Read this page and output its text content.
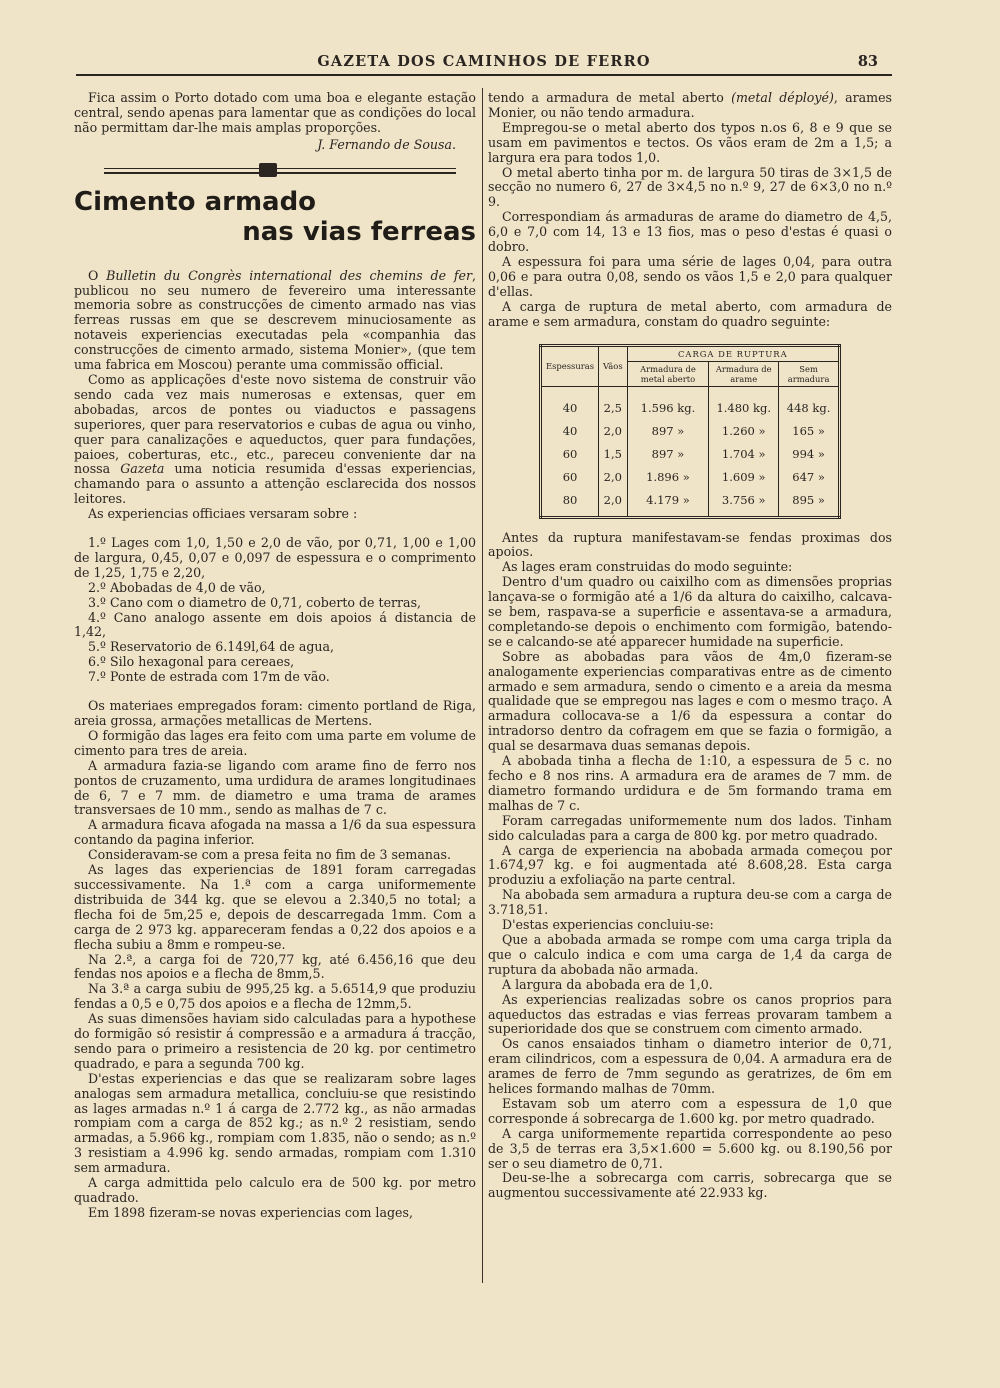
GAZETA DOS CAMINHOS DE FERRO	83

Fica assim o Porto dotado com uma boa e elegante estação central, sendo apenas para lamentar que as condições do local não permittam dar-lhe mais amplas proporções.

J. Fernando de Sousa.
Cimento armado
nas vias ferreas

O Bulletin du Congrès international des chemins de fer, publicou no seu numero de fevereiro uma interessante memoria sobre as construcções de cimento armado nas vias ferreas russas em que se descrevem minuciosamente as notaveis experiencias executadas pela «companhia das construcções de cimento armado, sistema Monier», (que tem uma fabrica em Moscou) perante uma commissão official.

Como as applicações d'este novo sistema de construir vão sendo cada vez mais numerosas e extensas, quer em abobadas, arcos de pontes ou viaductos e passagens superiores, quer para reservatorios e cubas de agua ou vinho, quer para canalizações e aqueductos, quer para fundações, paioes, coberturas, etc., etc., pareceu conveniente dar na nossa Gazeta uma noticia resumida d'essas experiencias, chamando para o assunto a attenção esclarecida dos nossos leitores.

As experiencias officiaes versaram sobre :

1.º Lages com 1,0, 1,50 e 2,0 de vão, por 0,71, 1,00 e 1,00 de largura, 0,45, 0,07 e 0,097 de espessura e o comprimento de 1,25, 1,75 e 2,20,

2.º Abobadas de 4,0 de vão,

3.º Cano com o diametro de 0,71, coberto de terras,

4.º Cano analogo assente em dois apoios á distancia de 1,42,

5.º Reservatorio de 6.149l,64 de agua,

6.º Silo hexagonal para cereaes,

7.º Ponte de estrada com 17m de vão.

Os materiaes empregados foram: cimento portland de Riga, areia grossa, armações metallicas de Mertens.

O formigão das lages era feito com uma parte em volume de cimento para tres de areia.

A armadura fazia-se ligando com arame fino de ferro nos pontos de cruzamento, uma urdidura de arames longitudinaes de 6, 7 e 7 mm. de diametro e uma trama de arames transversaes de 10 mm., sendo as malhas de 7 c.

A armadura ficava afogada na massa a 1/6 da sua espessura contando da pagina inferior.

Consideravam-se com a presa feita no fim de 3 semanas.

As lages das experiencias de 1891 foram carregadas successivamente. Na 1.ª com a carga uniformemente distribuida de 344 kg. que se elevou a 2.340,5 no total; a flecha foi de 5m,25 e, depois de descarregada 1mm. Com a carga de 2 973 kg. appareceram fendas a 0,22 dos apoios e a flecha subiu a 8mm e rompeu-se.

Na 2.ª, a carga foi de 720,77 kg, até 6.456,16 que deu fendas nos apoios e a flecha de 8mm,5.

Na 3.ª a carga subiu de 995,25 kg. a 5.6514,9 que produziu fendas a 0,5 e 0,75 dos apoios e a flecha de 12mm,5.

As suas dimensões haviam sido calculadas para a hypothese do formigão só resistir á compressão e a armadura á tracção, sendo para o primeiro a resistencia de 20 kg. por centimetro quadrado, e para a segunda 700 kg.

D'estas experiencias e das que se realizaram sobre lages analogas sem armadura metallica, concluiu-se que resistindo as lages armadas n.º 1 á carga de 2.772 kg., as não armadas rompiam com a carga de 852 kg.; as n.º 2 resistiam, sendo armadas, a 5.966 kg., rompiam com 1.835, não o sendo; as n.º 3 resistiam a 4.996 kg. sendo armadas, rompiam com 1.310 sem armadura.

A carga admittida pelo calculo era de 500 kg. por metro quadrado.

Em 1898 fizeram-se novas experiencias com lages,

tendo a armadura de metal aberto (metal déployé), arames Monier, ou não tendo armadura.

Empregou-se o metal aberto dos typos n.os 6, 8 e 9 que se usam em pavimentos e tectos. Os vãos eram de 2m a 1,5; a largura era para todos 1,0.

O metal aberto tinha por m. de largura 50 tiras de 3×1,5 de secção no numero 6, 27 de 3×4,5 no n.º 9, 27 de 6×3,0 no n.º 9.

Correspondiam ás armaduras de arame do diametro de 4,5, 6,0 e 7,0 com 14, 13 e 13 fios, mas o peso d'estas é quasi o dobro.

A espessura foi para uma série de lages 0,04, para outra 0,06 e para outra 0,08, sendo os vãos 1,5 e 2,0 para qualquer d'ellas.

A carga de ruptura de metal aberto, com armadura de arame e sem armadura, constam do quadro seguinte:

Espessuras	Vãos	CARGA DE RUPTURA		
		Armadura de metal aberto	Armadura de arame	Sem armadura
40	2,5	1.596 kg.	1.480 kg.	448 kg.
40	2,0	897 »	1.260 »	165 »
60	1,5	897 »	1.704 »	994 »
60	2,0	1.896 »	1.609 »	647 »
80	2,0	4.179 »	3.756 »	895 »

Antes da ruptura manifestavam-se fendas proximas dos apoios.

As lages eram construidas do modo seguinte:

Dentro d'um quadro ou caixilho com as dimensões proprias lançava-se o formigão até a 1/6 da altura do caixilho, calcava-se bem, raspava-se a superficie e assentava-se a armadura, completando-se depois o enchimento com formigão, batendo-se e calcando-se até apparecer humidade na superficie.

Sobre as abobadas para vãos de 4m,0 fizeram-se analogamente experiencias comparativas entre as de cimento armado e sem armadura, sendo o cimento e a areia da mesma qualidade que se empregou nas lages e com o mesmo traço. A armadura collocava-se a 1/6 da espessura a contar do intradorso dentro da cofragem em que se fazia o formigão, a qual se desarmava duas semanas depois.

A abobada tinha a flecha de 1:10, a espessura de 5 c. no fecho e 8 nos rins. A armadura era de arames de 7 mm. de diametro formando urdidura e de 5m formando trama em malhas de 7 c.

Foram carregadas uniformemente num dos lados. Tinham sido calculadas para a carga de 800 kg. por metro quadrado.

A carga de experiencia na abobada armada começou por 1.674,97 kg. e foi augmentada até 8.608,28. Esta carga produziu a exfoliação na parte central.

Na abobada sem armadura a ruptura deu-se com a carga de 3.718,51.

D'estas experiencias concluiu-se:

Que a abobada armada se rompe com uma carga tripla da que o calculo indica e com uma carga de 1,4 da carga de ruptura da abobada não armada.

A largura da abobada era de 1,0.

As experiencias realizadas sobre os canos proprios para aqueductos das estradas e vias ferreas provaram tambem a superioridade dos que se construem com cimento armado.

Os canos ensaiados tinham o diametro interior de 0,71, eram cilindricos, com a espessura de 0,04. A armadura era de arames de ferro de 7mm segundo as geratrizes, de 6m em helices formando malhas de 70mm.

Estavam sob um aterro com a espessura de 1,0 que corresponde á sobrecarga de 1.600 kg. por metro quadrado.

A carga uniformemente repartida correspondente ao peso de 3,5 de terras era 3,5×1.600 = 5.600 kg. ou 8.190,56 por ser o seu diametro de 0,71.

Deu-se-lhe a sobrecarga com carris, sobrecarga que se augmentou successivamente até 22.933 kg.
